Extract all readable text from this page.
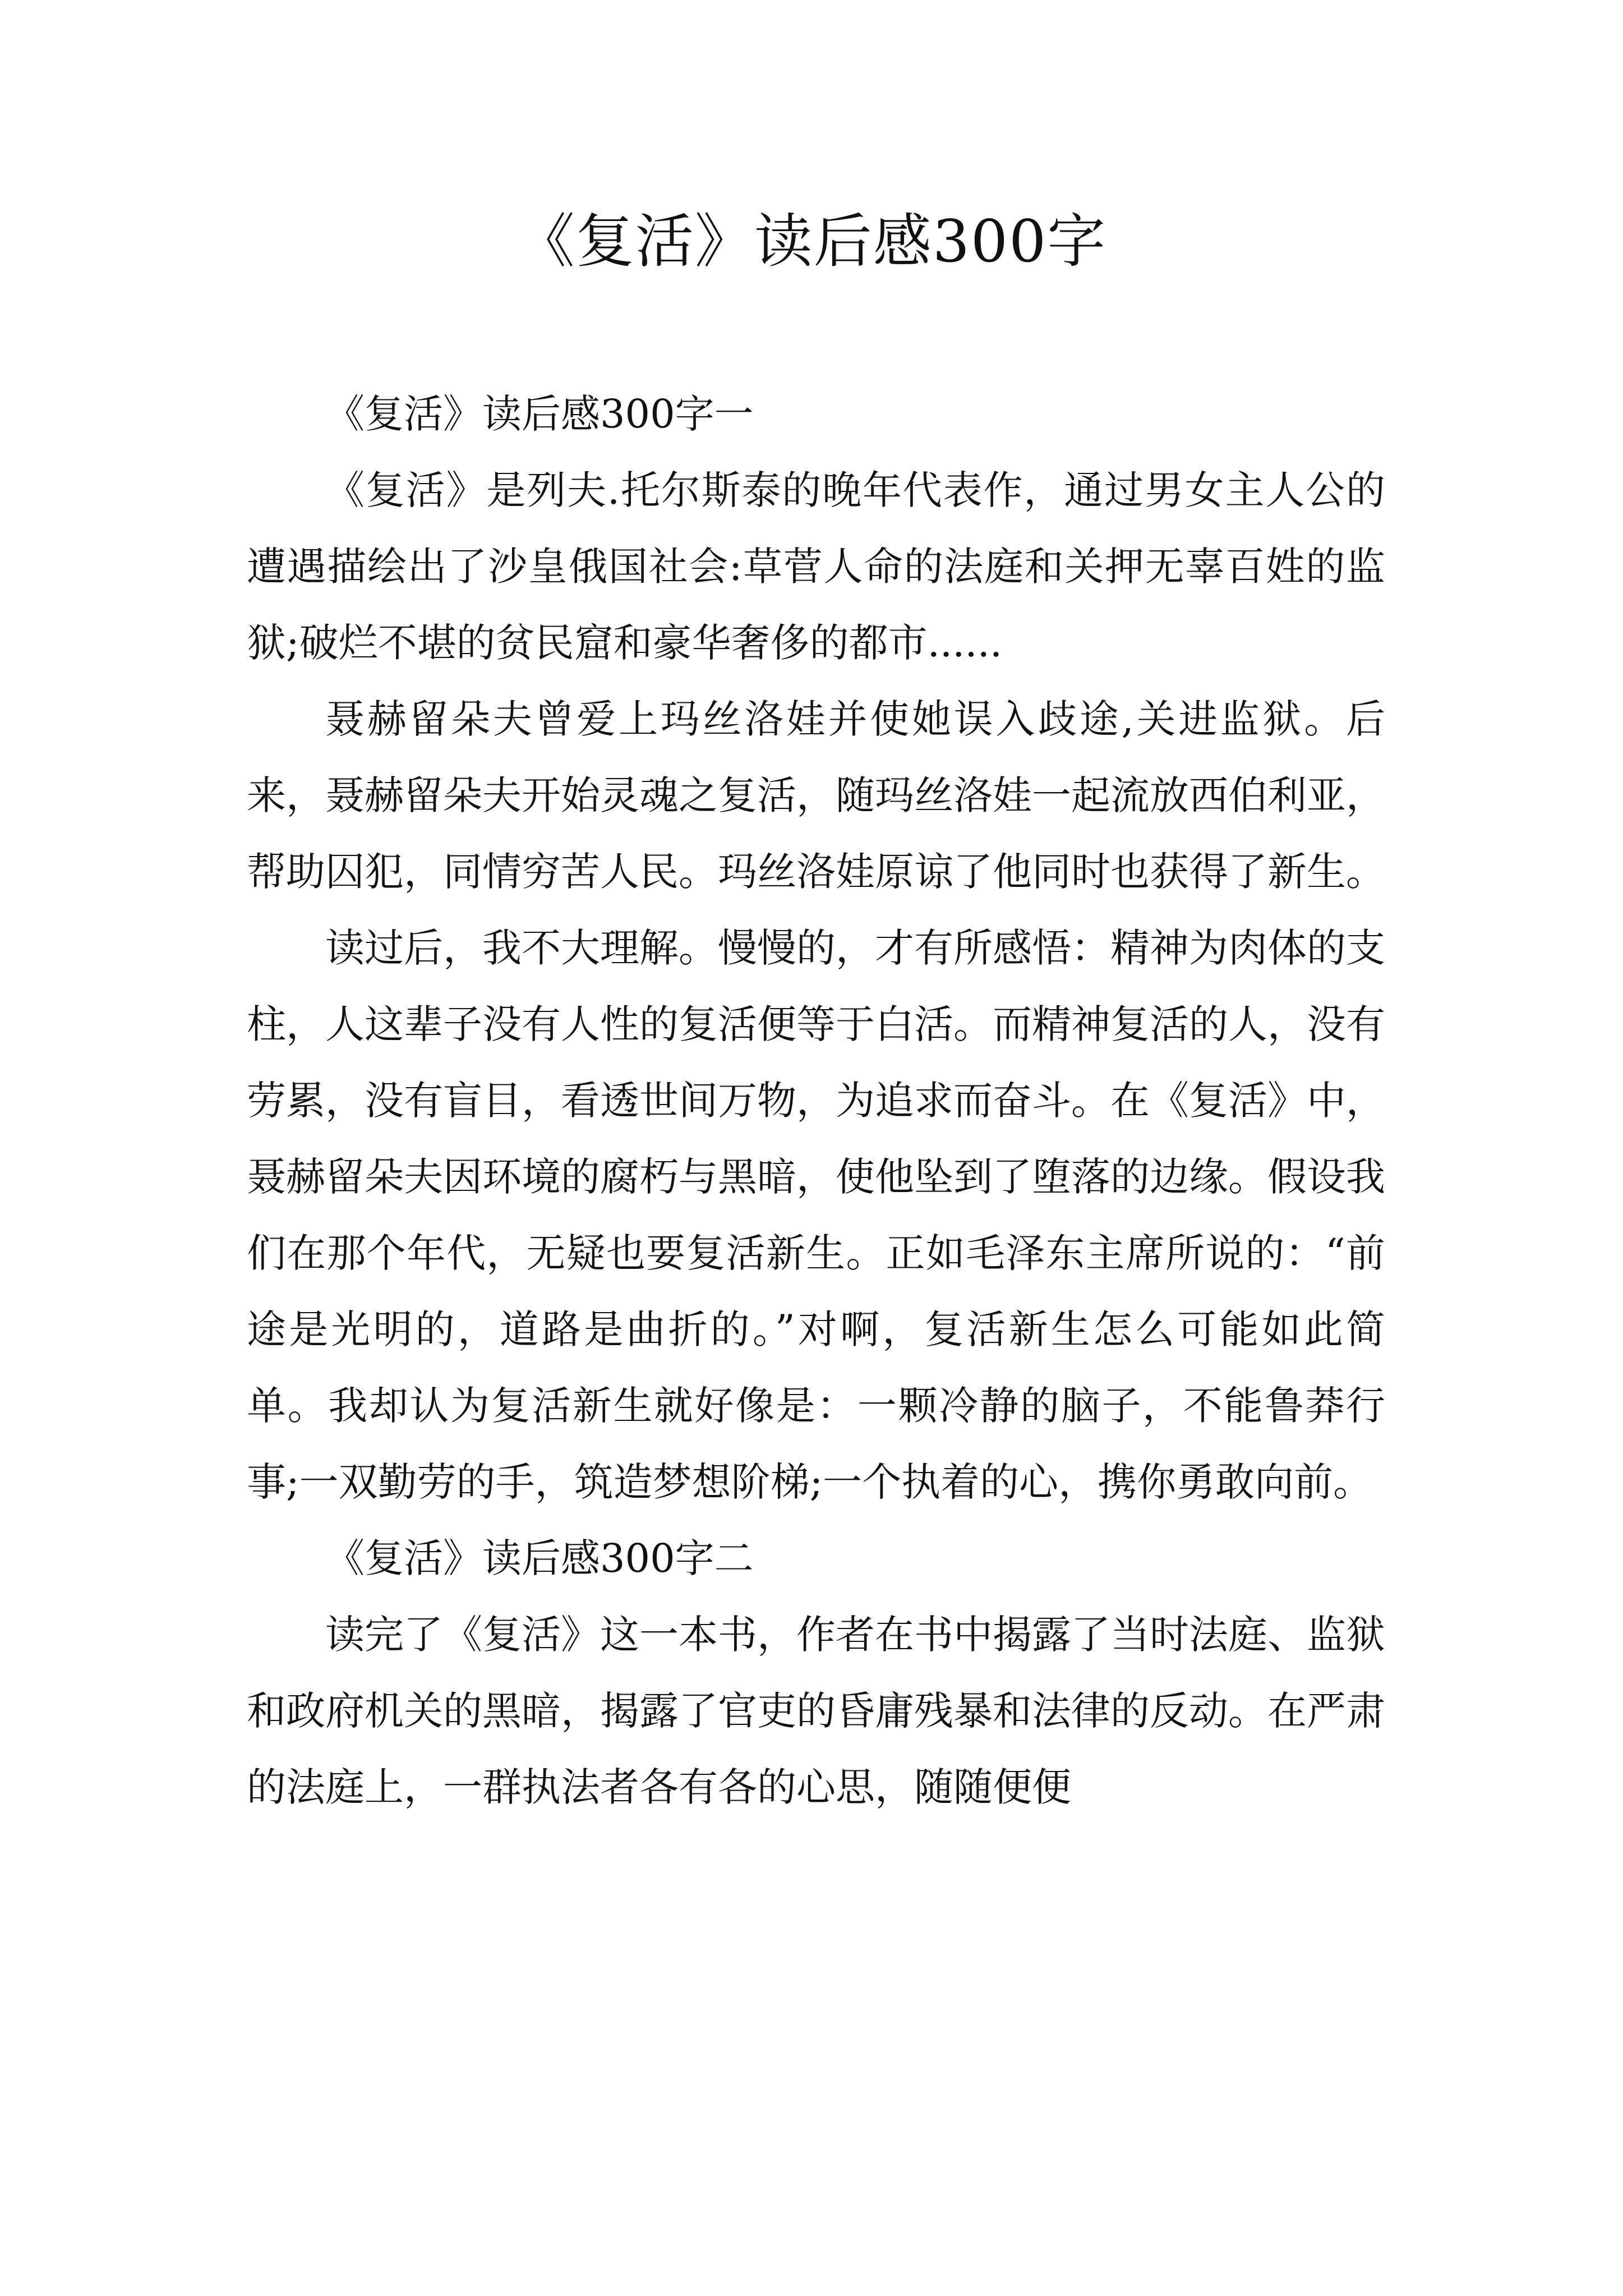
《复活》读后感300字

《复活》读后感300字一

《复活》是列夫.托尔斯泰的晚年代表作，通过男女主人公的遭遇描绘出了沙皇俄国社会:草菅人命的法庭和关押无辜百姓的监狱;破烂不堪的贫民窟和豪华奢侈的都市......

聂赫留朵夫曾爱上玛丝洛娃并使她误入歧途,关进监狱。后来，聂赫留朵夫开始灵魂之复活，随玛丝洛娃一起流放西伯利亚，帮助囚犯，同情穷苦人民。玛丝洛娃原谅了他同时也获得了新生。

读过后，我不大理解。慢慢的，才有所感悟：精神为肉体的支柱，人这辈子没有人性的复活便等于白活。而精神复活的人，没有劳累，没有盲目，看透世间万物，为追求而奋斗。在《复活》中，聂赫留朵夫因环境的腐朽与黑暗，使他坠到了堕落的边缘。假设我们在那个年代，无疑也要复活新生。正如毛泽东主席所说的：“前途是光明的，道路是曲折的。”对啊，复活新生怎么可能如此简单。我却认为复活新生就好像是：一颗冷静的脑子，不能鲁莽行事;一双勤劳的手，筑造梦想阶梯;一个执着的心，携你勇敢向前。

《复活》读后感300字二

读完了《复活》这一本书，作者在书中揭露了当时法庭、监狱和政府机关的黑暗，揭露了官吏的昏庸残暴和法律的反动。在严肃的法庭上，一群执法者各有各的心思，随随便便
